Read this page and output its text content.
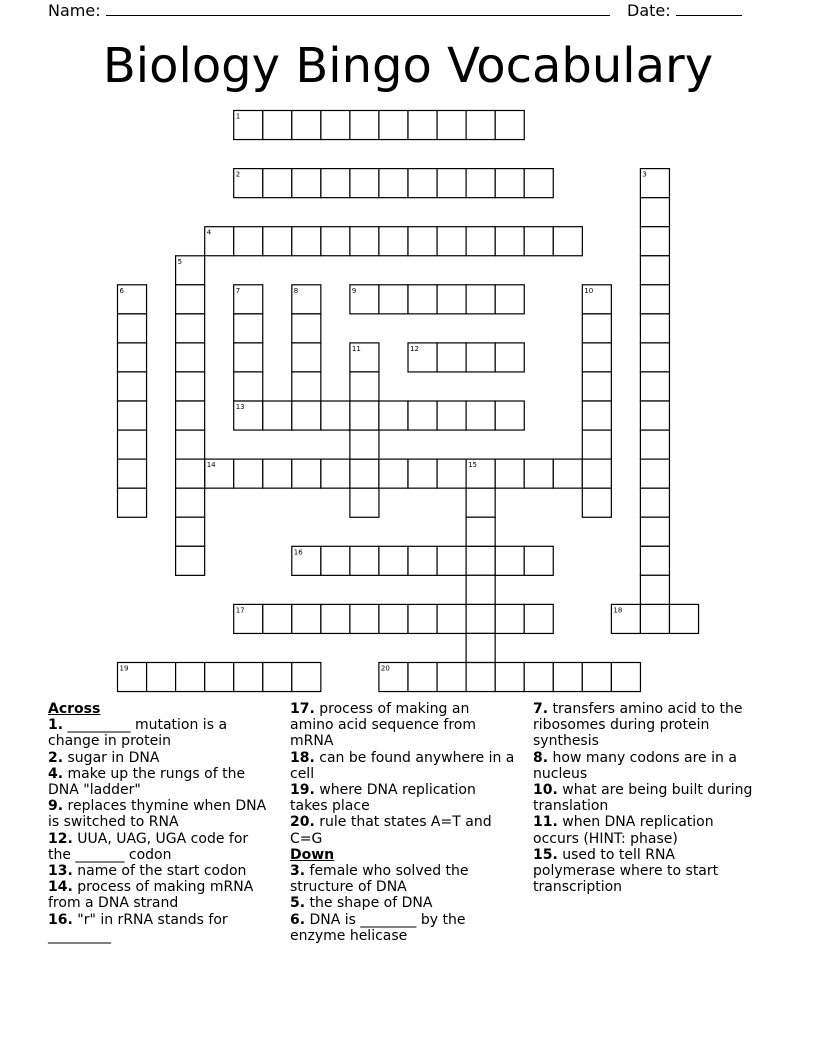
Name:	Date:
Biology Bingo Vocabulary
1
2
4
9
12
13
14
16
17	18
19	20
3
5
6	7	8	10
11
15

Across

1. _________ mutation is a change in protein

2. sugar in DNA

4. make up the rungs of the DNA "ladder"

9. replaces thymine when DNA is switched to RNA

12. UUA, UAG, UGA code for the _______ codon

13. name of the start codon

14. process of making mRNA from a DNA strand

16. "r" in rRNA stands for _________

17. process of making an amino acid sequence from mRNA

18. can be found anywhere in a cell

19. where DNA replication takes place

20. rule that states A=T and C=G

Down

3. female who solved the structure of DNA

5. the shape of DNA

6. DNA is ________ by the enzyme helicase

7. transfers amino acid to the ribosomes during protein synthesis

8. how many codons are in a nucleus

10. what are being built during translation

11. when DNA replication occurs (HINT: phase)

15. used to tell RNA polymerase where to start transcription
